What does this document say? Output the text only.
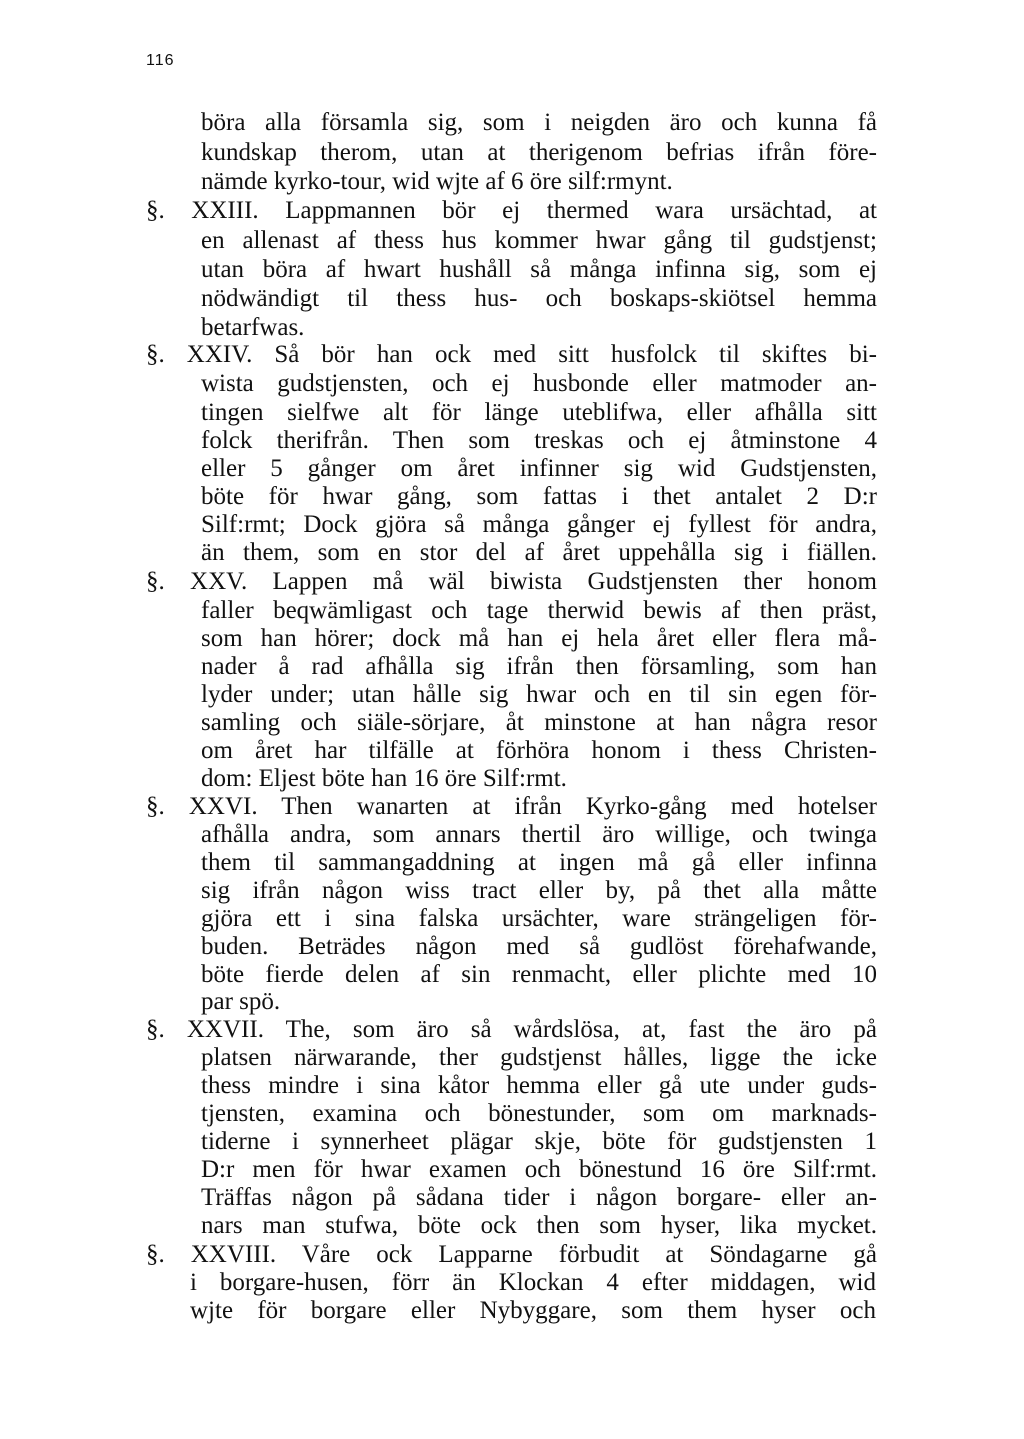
116
böra alla församla sig, som i neigden äro och kunna få
kundskap therom, utan at therigenom befrias ifrån före-
nämde kyrko-tour, wid wjte af 6 öre silf:rmynt.
§. XXIII. Lappmannen bör ej thermed wara ursächtad, at
en allenast af thess hus kommer hwar gång til gudstjenst;
utan böra af hwart hushåll så många infinna sig, som ej
nödwändigt til thess hus- och boskaps-skiötsel hemma
betarfwas.
§. XXIV. Så bör han ock med sitt husfolck til skiftes bi-
wista gudstjensten, och ej husbonde eller matmoder an-
tingen sielfwe alt för länge uteblifwa, eller afhålla sitt
folck therifrån. Then som treskas och ej åtminstone 4
eller 5 gånger om året infinner sig wid Gudstjensten,
böte för hwar gång, som fattas i thet antalet 2 D:r
Silf:rmt; Dock gjöra så många gånger ej fyllest för andra,
än them, som en stor del af året uppehålla sig i fiällen.
§. XXV. Lappen må wäl biwista Gudstjensten ther honom
faller beqwämligast och tage therwid bewis af then präst,
som han hörer; dock må han ej hela året eller flera må-
nader å rad afhålla sig ifrån then församling, som han
lyder under; utan hålle sig hwar och en til sin egen för-
samling och siäle-sörjare, åt minstone at han några resor
om året har tilfälle at förhöra honom i thess Christen-
dom: Eljest böte han 16 öre Silf:rmt.
§. XXVI. Then wanarten at ifrån Kyrko-gång med hotelser
afhålla andra, som annars thertil äro willige, och twinga
them til sammangaddning at ingen må gå eller infinna
sig ifrån någon wiss tract eller by, på thet alla måtte
gjöra ett i sina falska ursächter, ware strängeligen för-
buden. Beträdes någon med så gudlöst förehafwande,
böte fierde delen af sin renmacht, eller plichte med 10
par spö.
§. XXVII. The, som äro så wårdslösa, at, fast the äro på
platsen närwarande, ther gudstjenst hålles, ligge the icke
thess mindre i sina kåtor hemma eller gå ute under guds-
tjensten, examina och bönestunder, som om marknads-
tiderne i synnerheet plägar skje, böte för gudstjensten 1
D:r men för hwar examen och bönestund 16 öre Silf:rmt.
Träffas någon på sådana tider i någon borgare- eller an-
nars man stufwa, böte ock then som hyser, lika mycket.
§. XXVIII. Våre ock Lapparne förbudit at Söndagarne gå
i borgare-husen, förr än Klockan 4 efter middagen, wid
wjte för borgare eller Nybyggare, som them hyser och
